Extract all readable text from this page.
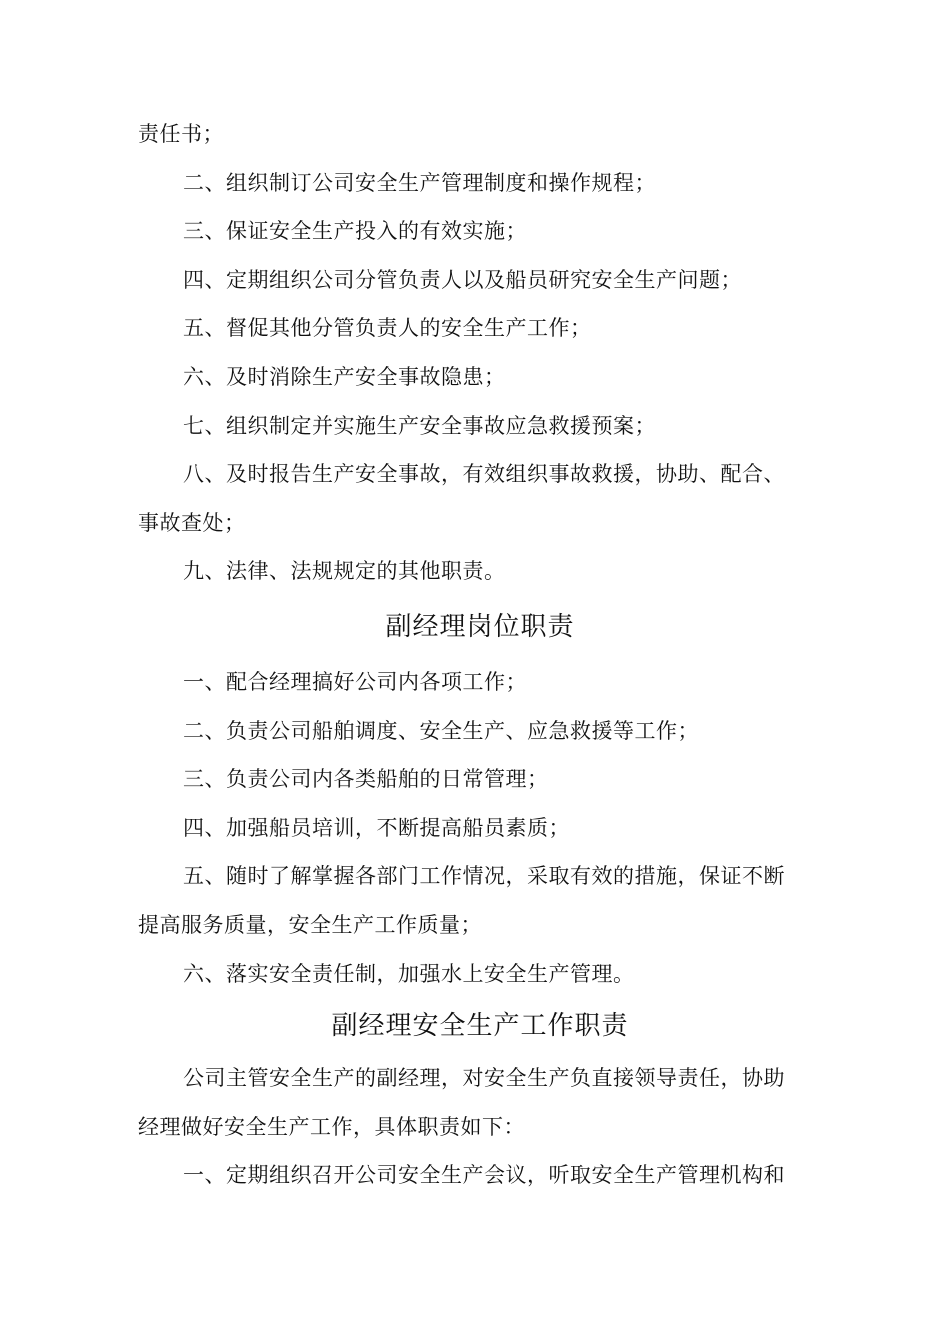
责任书；
二、组织制订公司安全生产管理制度和操作规程；
三、保证安全生产投入的有效实施；
四、定期组织公司分管负责人以及船员研究安全生产问题；
五、督促其他分管负责人的安全生产工作；
六、及时消除生产安全事故隐患；
七、组织制定并实施生产安全事故应急救援预案；
八、及时报告生产安全事故，有效组织事故救援，协助、配合、
事故查处；
九、法律、法规规定的其他职责。
副经理岗位职责
一、配合经理搞好公司内各项工作；
二、负责公司船舶调度、安全生产、应急救援等工作；
三、负责公司内各类船舶的日常管理；
四、加强船员培训，不断提高船员素质；
五、随时了解掌握各部门工作情况，采取有效的措施，保证不断
提高服务质量，安全生产工作质量；
六、落实安全责任制，加强水上安全生产管理。
副经理安全生产工作职责
公司主管安全生产的副经理，对安全生产负直接领导责任，协助
经理做好安全生产工作，具体职责如下：
一、定期组织召开公司安全生产会议，听取安全生产管理机构和
